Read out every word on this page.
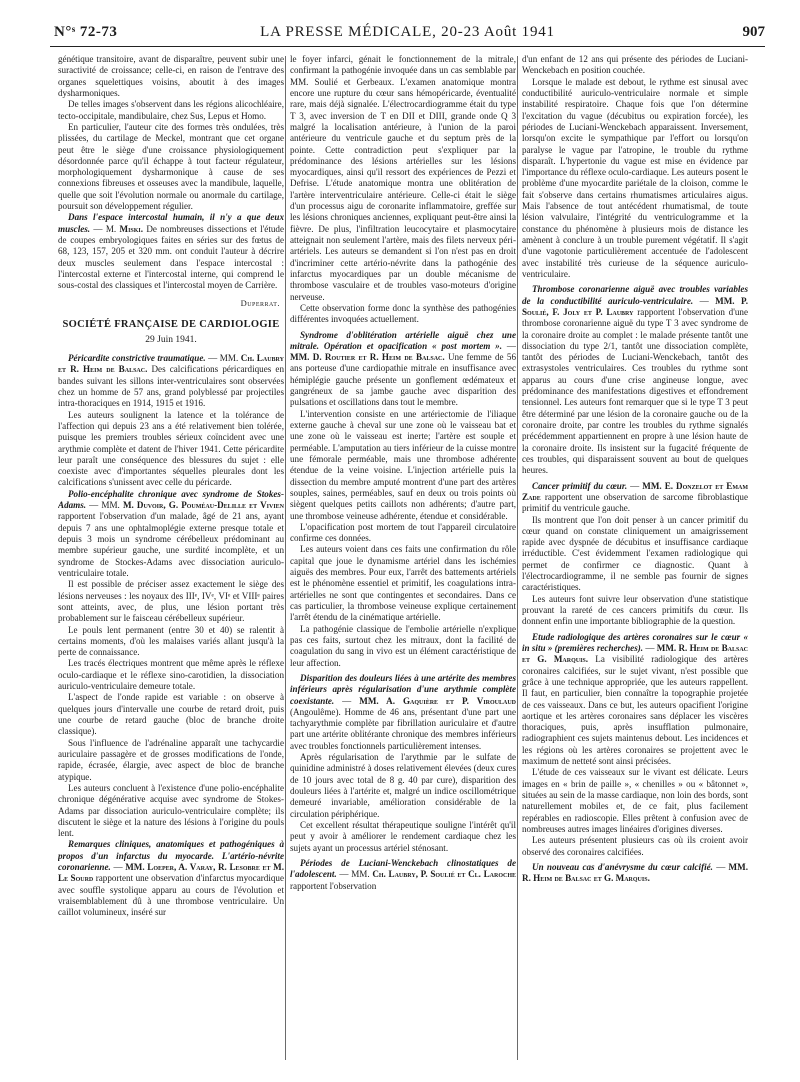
N°ˢ 72-73	LA PRESSE MÉDICALE, 20-23 Août 1941	907

génétique transitoire, avant de disparaître, peuvent subir une suractivité de croissance; celle-ci, en raison de l'entrave des organes squelettiques voisins, aboutit à des images dysharmoniques.

De telles images s'observent dans les régions alicochléaire, tecto-occipitale, mandibulaire, chez Sus, Lepus et Homo.

En particulier, l'auteur cite des formes très ondulées, très plissées, du cartilage de Meckel, montrant que cet organe peut être le siège d'une croissance physiologiquement désordonnée parce qu'il échappe à tout facteur régulateur, morphologiquement dysharmonique à cause de ses connexions fibreuses et osseuses avec la mandibule, laquelle, quelle que soit l'évolution normale ou anormale du cartilage, poursuit son développement régulier.

Dans l'espace intercostal humain, il n'y a que deux muscles. — M. Miski. De nombreuses dissections et l'étude de coupes embryologiques faites en séries sur des fœtus de 68, 123, 157, 205 et 320 mm. ont conduit l'auteur à décrire deux muscles seulement dans l'espace intercostal : l'intercostal externe et l'intercostal interne, qui comprend le sous-costal des classiques et l'intercostal moyen de Carrière.

Duperrat.
SOCIÉTÉ FRANÇAISE DE CARDIOLOGIE
29 Juin 1941.

Péricardite constrictive traumatique. — MM. Ch. Laubry et R. Heim de Balsac. Des calcifications péricardiques en bandes suivant les sillons inter-ventriculaires sont observées chez un homme de 57 ans, grand polyblessé par projectiles intra-thoraciques en 1914, 1915 et 1916.

Les auteurs soulignent la latence et la tolérance de l'affection qui depuis 23 ans a été relativement bien tolérée, puisque les premiers troubles sérieux coïncident avec une arythmie complète et datent de l'hiver 1941. Cette péricardite leur paraît une conséquence des blessures du sujet : elle coexiste avec d'importantes séquelles pleurales dont les calcifications s'unissent avec celle du péricarde.

Polio-encéphalite chronique avec syndrome de Stokes-Adams. — MM. M. Duvoir, G. Pouméau-Delille et Vivien rapportent l'observation d'un malade, âgé de 21 ans, ayant depuis 7 ans une ophtalmoplégie externe presque totale et depuis 3 mois un syndrome cérébelleux prédominant au membre supérieur gauche, une surdité incomplète, et un syndrome de Stockes-Adams avec dissociation auriculo-ventriculaire totale.

Il est possible de préciser assez exactement le siège des lésions nerveuses : les noyaux des IIIᵉ, IVᵉ, VIᵉ et VIIIᵉ paires sont atteints, avec, de plus, une lésion portant très probablement sur le faisceau cérébelleux supérieur.

Le pouls lent permanent (entre 30 et 40) se ralentit à certains moments, d'où les malaises variés allant jusqu'à la perte de connaissance.

Les tracés électriques montrent que même après le réflexe oculo-cardiaque et le réflexe sino-carotidien, la dissociation auriculo-ventriculaire demeure totale.

L'aspect de l'onde rapide est variable : on observe à quelques jours d'intervalle une courbe de retard droit, puis une courbe de retard gauche (bloc de branche droite classique).

Sous l'influence de l'adrénaline apparaît une tachycardie auriculaire passagère et de grosses modifications de l'onde, rapide, écrasée, élargie, avec aspect de bloc de branche atypique.

Les auteurs concluent à l'existence d'une polio-encéphalite chronique dégénérative acquise avec syndrome de Stokes-Adams par dissociation auriculo-ventriculaire complète; ils discutent le siège et la nature des lésions à l'origine du pouls lent.

Remarques cliniques, anatomiques et pathogéniques à propos d'un infarctus du myocarde. L'artério-névrite coronarienne. — MM. Loeper, A. Varay, R. Lesobre et M. Le Sourd rapportent une observation d'infarctus myocardique avec souffle systolique apparu au cours de l'évolution et vraisemblablement dû à une thrombose ventriculaire. Un caillot volumineux, inséré sur

le foyer infarci, génait le fonctionnement de la mitrale, confirmant la pathogénie invoquée dans un cas semblable par MM. Soulié et Gerbeaux. L'examen anatomique montra encore une rupture du cœur sans hémopéricarde, éventualité rare, mais déjà signalée. L'électrocardiogramme était du type T 3, avec inversion de T en DII et DIII, grande onde Q 3 malgré la localisation antérieure, à l'union de la paroi antérieure du ventricule gauche et du septum près de la pointe. Cette contradiction peut s'expliquer par la prédominance des lésions artérielles sur les lésions myocardiques, ainsi qu'il ressort des expériences de Pezzi et Defrise. L'étude anatomique montra une oblitération de l'artère interventriculaire antérieure. Celle-ci était le siège d'un processus aigu de coronarite inflammatoire, greffée sur les lésions chroniques anciennes, expliquant peut-être ainsi la fièvre. De plus, l'infiltration leucocytaire et plasmocytaire atteignait non seulement l'artère, mais des filets nerveux péri-artériels. Les auteurs se demandent si l'on n'est pas en droit d'incriminer cette artério-névrite dans la pathogénie des infarctus myocardiques par un double mécanisme de thrombose vasculaire et de troubles vaso-moteurs d'origine nerveuse.

Cette observation forme donc la synthèse des pathogénies différentes invoquées actuellement.

Syndrome d'oblitération artérielle aiguë chez une mitrale. Opération et opacification « post mortem ». — MM. D. Routier et R. Heim de Balsac. Une femme de 56 ans porteuse d'une cardiopathie mitrale en insuffisance avec hémiplégie gauche présente un gonflement œdémateux et gangréneux de sa jambe gauche avec disparition des pulsations et oscillations dans tout le membre.

L'intervention consiste en une artériectomie de l'iliaque externe gauche à cheval sur une zone où le vaisseau bat et une zone où le vaisseau est inerte; l'artère est souple et perméable. L'amputation au tiers inférieur de la cuisse montre une fémorale perméable, mais une thrombose adhérente étendue de la veine voisine. L'injection artérielle puis la dissection du membre amputé montrent d'une part des artères souples, saines, perméables, sauf en deux ou trois points où siègent quelques petits caillots non adhérents; d'autre part, une thrombose veineuse adhérente, étendue et considérable.

L'opacification post mortem de tout l'appareil circulatoire confirme ces données.

Les auteurs voient dans ces faits une confirmation du rôle capital que joue le dynamisme artériel dans les ischémies aiguës des membres. Pour eux, l'arrêt des battements artériels est le phénomène essentiel et primitif, les coagulations intra-artérielles ne sont que contingentes et secondaires. Dans ce cas particulier, la thrombose veineuse explique certainement l'arrêt étendu de la cinématique artérielle.

La pathogénie classique de l'embolie artérielle n'explique pas ces faits, surtout chez les mitraux, dont la facilité de coagulation du sang in vivo est un élément caractéristique de leur affection.

Disparition des douleurs liées à une artérite des membres inférieurs après régularisation d'une arythmie complète coexistante. — MM. A. Gaquière et P. Viroulaud (Angoulême). Homme de 46 ans, présentant d'une part une tachyarythmie complète par fibrillation auriculaire et d'autre part une artérite oblitérante chronique des membres inférieurs avec troubles fonctionnels particulièrement intenses.

Après régularisation de l'arythmie par le sulfate de quinidine administré à doses relativement élevées (deux cures de 10 jours avec total de 8 g. 40 par cure), disparition des douleurs liées à l'artérite et, malgré un indice oscillométrique demeuré invariable, amélioration considérable de la circulation périphérique.

Cet excellent résultat thérapeutique souligne l'intérêt qu'il peut y avoir à améliorer le rendement cardiaque chez les sujets ayant un processus artériel sténosant.

Périodes de Luciani-Wenckebach clinostatiques de l'adolescent. — MM. Ch. Laubry, P. Soulié et Cl. Laroche rapportent l'observation

d'un enfant de 12 ans qui présente des périodes de Luciani-Wenckebach en position couchée.

Lorsque le malade est debout, le rythme est sinusal avec conductibilité auriculo-ventriculaire normale et simple instabilité respiratoire. Chaque fois que l'on détermine l'excitation du vague (décubitus ou expiration forcée), les périodes de Luciani-Wenckebach apparaissent. Inversement, lorsqu'on excite le sympathique par l'effort ou lorsqu'on paralyse le vague par l'atropine, le trouble du rythme disparaît. L'hypertonie du vague est mise en évidence par l'importance du réflexe oculo-cardiaque. Les auteurs posent le problème d'une myocardite pariétale de la cloison, comme le fait s'observe dans certains rhumatismes articulaires aigus. Mais l'absence de tout antécédent rhumatismal, de toute lésion valvulaire, l'intégrité du ventriculogramme et la constance du phénomène à plusieurs mois de distance les amènent à conclure à un trouble purement végétatif. Il s'agit d'une vagotonie particulièrement accentuée de l'adolescent avec instabilité très curieuse de la séquence auriculo-ventriculaire.

Thrombose coronarienne aiguë avec troubles variables de la conductibilité auriculo-ventriculaire. — MM. P. Soulié, F. Joly et P. Laubry rapportent l'observation d'une thrombose coronarienne aiguë du type T 3 avec syndrome de la coronaire droite au complet : le malade présente tantôt une dissociation du type 2/1, tantôt une dissociation complète, tantôt des périodes de Luciani-Wenckebach, tantôt des extrasystoles ventriculaires. Ces troubles du rythme sont apparus au cours d'une crise angineuse longue, avec prédominance des manifestations digestives et effondrement tensionnel. Les auteurs font remarquer que si le type T 3 peut être déterminé par une lésion de la coronaire gauche ou de la coronaire droite, par contre les troubles du rythme signalés précédemment appartiennent en propre à une lésion haute de la coronaire droite. Ils insistent sur la fugacité fréquente de ces troubles, qui disparaissent souvent au bout de quelques heures.

Cancer primitif du cœur. — MM. E. Donzelot et Emam Zade rapportent une observation de sarcome fibroblastique primitif du ventricule gauche.

Ils montrent que l'on doit penser à un cancer primitif du cœur quand on constate cliniquement un amaigrissement rapide avec dyspnée de décubitus et insuffisance cardiaque irréductible. C'est évidemment l'examen radiologique qui permet de confirmer ce diagnostic. Quant à l'électrocardiogramme, il ne semble pas fournir de signes caractéristiques.

Les auteurs font suivre leur observation d'une statistique prouvant la rareté de ces cancers primitifs du cœur. Ils donnent enfin une importante bibliographie de la question.

Etude radiologique des artères coronaires sur le cœur « in situ » (premières recherches). — MM. R. Heim de Balsac et G. Marquis. La visibilité radiologique des artères coronaires calcifiées, sur le sujet vivant, n'est possible que grâce à une technique appropriée, que les auteurs rappellent. Il faut, en particulier, bien connaître la topographie projetée de ces vaisseaux. Dans ce but, les auteurs opacifient l'origine aortique et les artères coronaires sans déplacer les viscères thoraciques, puis, après insufflation pulmonaire, radiographient ces sujets maintenus debout. Les incidences et les régions où les artères coronaires se projettent avec le maximum de netteté sont ainsi précisées.

L'étude de ces vaisseaux sur le vivant est délicate. Leurs images en « brin de paille », « chenilles » ou « bâtonnet », situées au sein de la masse cardiaque, non loin des bords, sont naturellement mobiles et, de ce fait, plus facilement repérables en radioscopie. Elles prêtent à confusion avec de nombreuses autres images linéaires d'origines diverses.

Les auteurs présentent plusieurs cas où ils croient avoir observé des coronaires calcifiées.

Un nouveau cas d'anévrysme du cœur calcifié. — MM. R. Heim de Balsac et G. Marquis.
